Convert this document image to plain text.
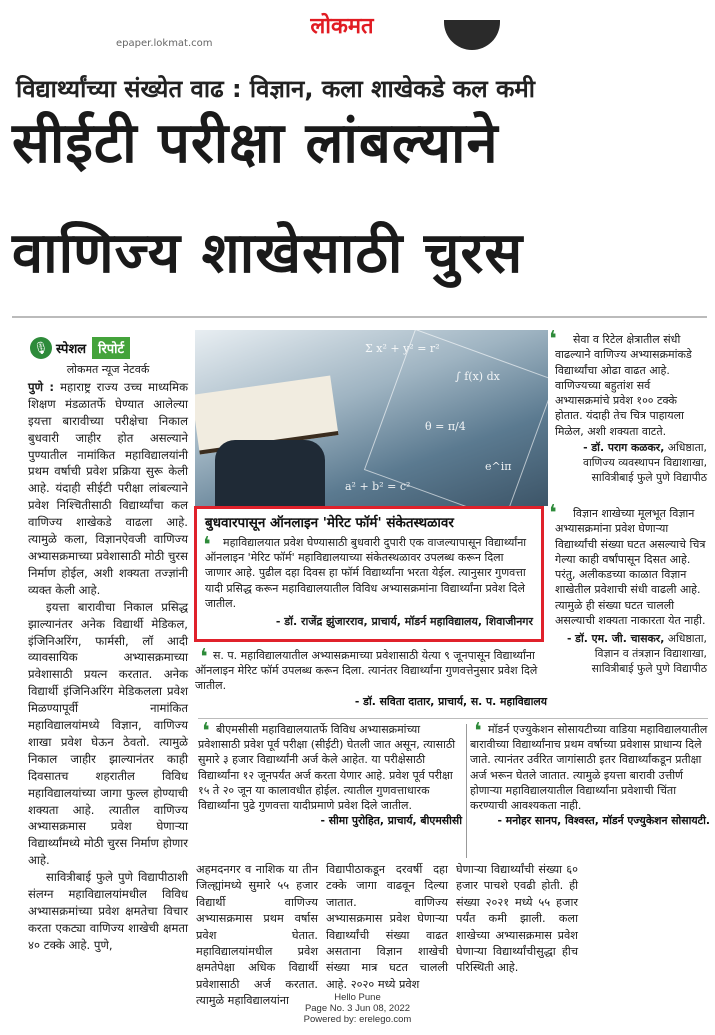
लोकमत
epaper.lokmat.com
विद्यार्थ्यांच्या संख्येत वाढ : विज्ञान, कला शाखेकडे कल कमी
सीईटी परीक्षा लांबल्याने
वाणिज्य शाखेसाठी चुरस
🎙 स्पेशल रिपोर्ट

लोकमत न्यूज नेटवर्क

पुणे : महाराष्ट्र राज्य उच्च माध्यमिक शिक्षण मंडळातर्फे घेण्यात आलेल्या इयत्ता बारावीच्या परीक्षेचा निकाल बुधवारी जाहीर होत असल्याने पुण्यातील नामांकित महाविद्यालयांनी प्रथम वर्षाची प्रवेश प्रक्रिया सुरू केली आहे. यंदाही सीईटी परीक्षा लांबल्याने प्रवेश निश्चितीसाठी विद्यार्थ्यांचा कल वाणिज्य शाखेकडे वाढला आहे. त्यामुळे कला, विज्ञानऐवजी वाणिज्य अभ्यासक्रमाच्या प्रवेशासाठी मोठी चुरस निर्माण होईल, अशी शक्यता तज्ज्ञांनी व्यक्त केली आहे.

इयत्ता बारावीचा निकाल प्रसिद्ध झाल्यानंतर अनेक विद्यार्थी मेडिकल, इंजिनिअरिंग, फार्मसी, लॉ आदी व्यावसायिक अभ्यासक्रमाच्या प्रवेशासाठी प्रयत्न करतात. अनेक विद्यार्थी इंजिनिअरिंग मेडिकलला प्रवेश मिळण्यापूर्वी नामांकित महाविद्यालयांमध्ये विज्ञान, वाणिज्य शाखा प्रवेश घेऊन ठेवतो. त्यामुळे निकाल जाहीर झाल्यानंतर काही दिवसातच शहरातील विविध महाविद्यालयांच्या जागा फुल्ल होण्याची शक्यता आहे. त्यातील वाणिज्य अभ्यासक्रमास प्रवेश घेणाऱ्या विद्यार्थ्यांमध्ये मोठी चुरस निर्माण होणार आहे.

सावित्रीबाई फुले पुणे विद्यापीठाशी संलग्न महाविद्यालयांमधील विविध अभ्यासक्रमांच्या प्रवेश क्षमतेचा विचार करता एकट्या वाणिज्य शाखेची क्षमता ४० टक्के आहे. पुणे,

Σ x² + y² = r²
∫ f(x) dx
θ = π/4
e^iπ
a² + b² = c²
बुधवारपासून ऑनलाइन 'मेरिट फॉर्म' संकेतस्थळावर
महाविद्यालयात प्रवेश घेण्यासाठी बुधवारी दुपारी एक वाजल्यापासून विद्यार्थ्यांना ऑनलाइन 'मेरिट फॉर्म' महाविद्यालयाच्या संकेतस्थळावर उपलब्ध करून दिला जाणार आहे. पुढील दहा दिवस हा फॉर्म विद्यार्थ्यांना भरता येईल. त्यानुसार गुणवत्ता यादी प्रसिद्ध करून महाविद्यालयातील विविध अभ्यासक्रमांना विद्यार्थ्यांना प्रवेश दिले जातील.
- डॉ. राजेंद्र झुंजारराव, प्राचार्य, मॉडर्न महाविद्यालय, शिवाजीनगर
❛
सेवा व रिटेल क्षेत्रातील संधी वाढल्याने वाणिज्य अभ्यासक्रमांकडे विद्यार्थ्यांचा ओढा वाढत आहे. वाणिज्यच्या बहुतांश सर्व अभ्यासक्रमांचे प्रवेश १०० टक्के होतात. यंदाही तेच चित्र पाहायला मिळेल, अशी शक्यता वाटते.
- डॉ. पराग कळकर, अधिष्ठाता,
वाणिज्य व्यवस्थापन विद्याशाखा,
सावित्रीबाई फुले पुणे विद्यापीठ
❛
विज्ञान शाखेच्या मूलभूत विज्ञान अभ्यासक्रमांना प्रवेश घेणाऱ्या विद्यार्थ्यांची संख्या घटत असल्याचे चित्र गेल्या काही वर्षांपासून दिसत आहे. परंतु, अलीकडच्या काळात विज्ञान शाखेतील प्रवेशाची संधी वाढली आहे. त्यामुळे ही संख्या घटत चालली असल्याची शक्यता नाकारता येत नाही.
- डॉ. एम. जी. चासकर, अधिष्ठाता,
विज्ञान व तंत्रज्ञान विद्याशाखा,
सावित्रीबाई फुले पुणे विद्यापीठ
❛
स. प. महाविद्यालयातील अभ्यासक्रमाच्या प्रवेशासाठी येत्या ९ जूनपासून विद्यार्थ्यांना ऑनलाइन मेरिट फॉर्म उपलब्ध करून दिला. त्यानंतर विद्यार्थ्यांना गुणवत्तेनुसार प्रवेश दिले जातील.
- डॉ. सविता दातार, प्राचार्य, स. प. महाविद्यालय
❛
बीएमसीसी महाविद्यालयातर्फे विविध अभ्यासक्रमांच्या प्रवेशासाठी प्रवेश पूर्व परीक्षा (सीईटी) घेतली जात असून, त्यासाठी सुमारे ३ हजार विद्यार्थ्यांनी अर्ज केले आहेत. या परीक्षेसाठी विद्यार्थ्यांना १२ जूनपर्यंत अर्ज करता येणार आहे. प्रवेश पूर्व परीक्षा १५ ते २० जून या कालावधीत होईल. त्यातील गुणवत्ताधारक विद्यार्थ्यांना पुढे गुणवत्ता यादीप्रमाणे प्रवेश दिले जातील.
- सीमा पुरोहित, प्राचार्य, बीएमसीसी
❛	मॉडर्न एज्युकेशन सोसायटीच्या वाडिया महाविद्यालयातील बारावीच्या विद्यार्थ्यांनाच प्रथम वर्षाच्या प्रवेशास प्राधान्य दिले जाते. त्यानंतर उर्वरित जागांसाठी इतर विद्यार्थ्यांकडून प्रतीक्षा अर्ज भरून घेतले जातात. त्यामुळे इयत्ता बारावी उत्तीर्ण होणाऱ्या महाविद्यालयातील विद्यार्थ्यांना प्रवेशाची चिंता करण्याची आवश्यकता नाही.
- मनोहर सानप, विश्वस्त, मॉडर्न एज्युकेशन सोसायटी.
❛
अहमदनगर व नाशिक या तीन जिल्ह्यांमध्ये सुमारे ५५ हजार विद्यार्थी वाणिज्य अभ्यासक्रमास प्रथम वर्षास प्रवेश घेतात. महाविद्यालयांमधील प्रवेश क्षमतेपेक्षा अधिक विद्यार्थी प्रवेशासाठी अर्ज करतात. त्यामुळे महाविद्यालयांना
विद्यापीठाकडून दरवर्षी दहा टक्के जागा वाढवून दिल्या जातात. वाणिज्य अभ्यासक्रमास प्रवेश घेणाऱ्या विद्यार्थ्यांची संख्या वाढत असताना विज्ञान शाखेची संख्या मात्र घटत चालली आहे. २०२० मध्ये प्रवेश
घेणाऱ्या विद्यार्थ्यांची संख्या ६० हजार पाचशे एवढी होती. ही संख्या २०२१ मध्ये ५५ हजार पर्यंत कमी झाली. कला शाखेच्या अभ्यासक्रमास प्रवेश घेणाऱ्या विद्यार्थ्यांचीसुद्धा हीच परिस्थिती आहे.
Hello Pune
Page No. 3 Jun 08, 2022
Powered by: erelego.com
